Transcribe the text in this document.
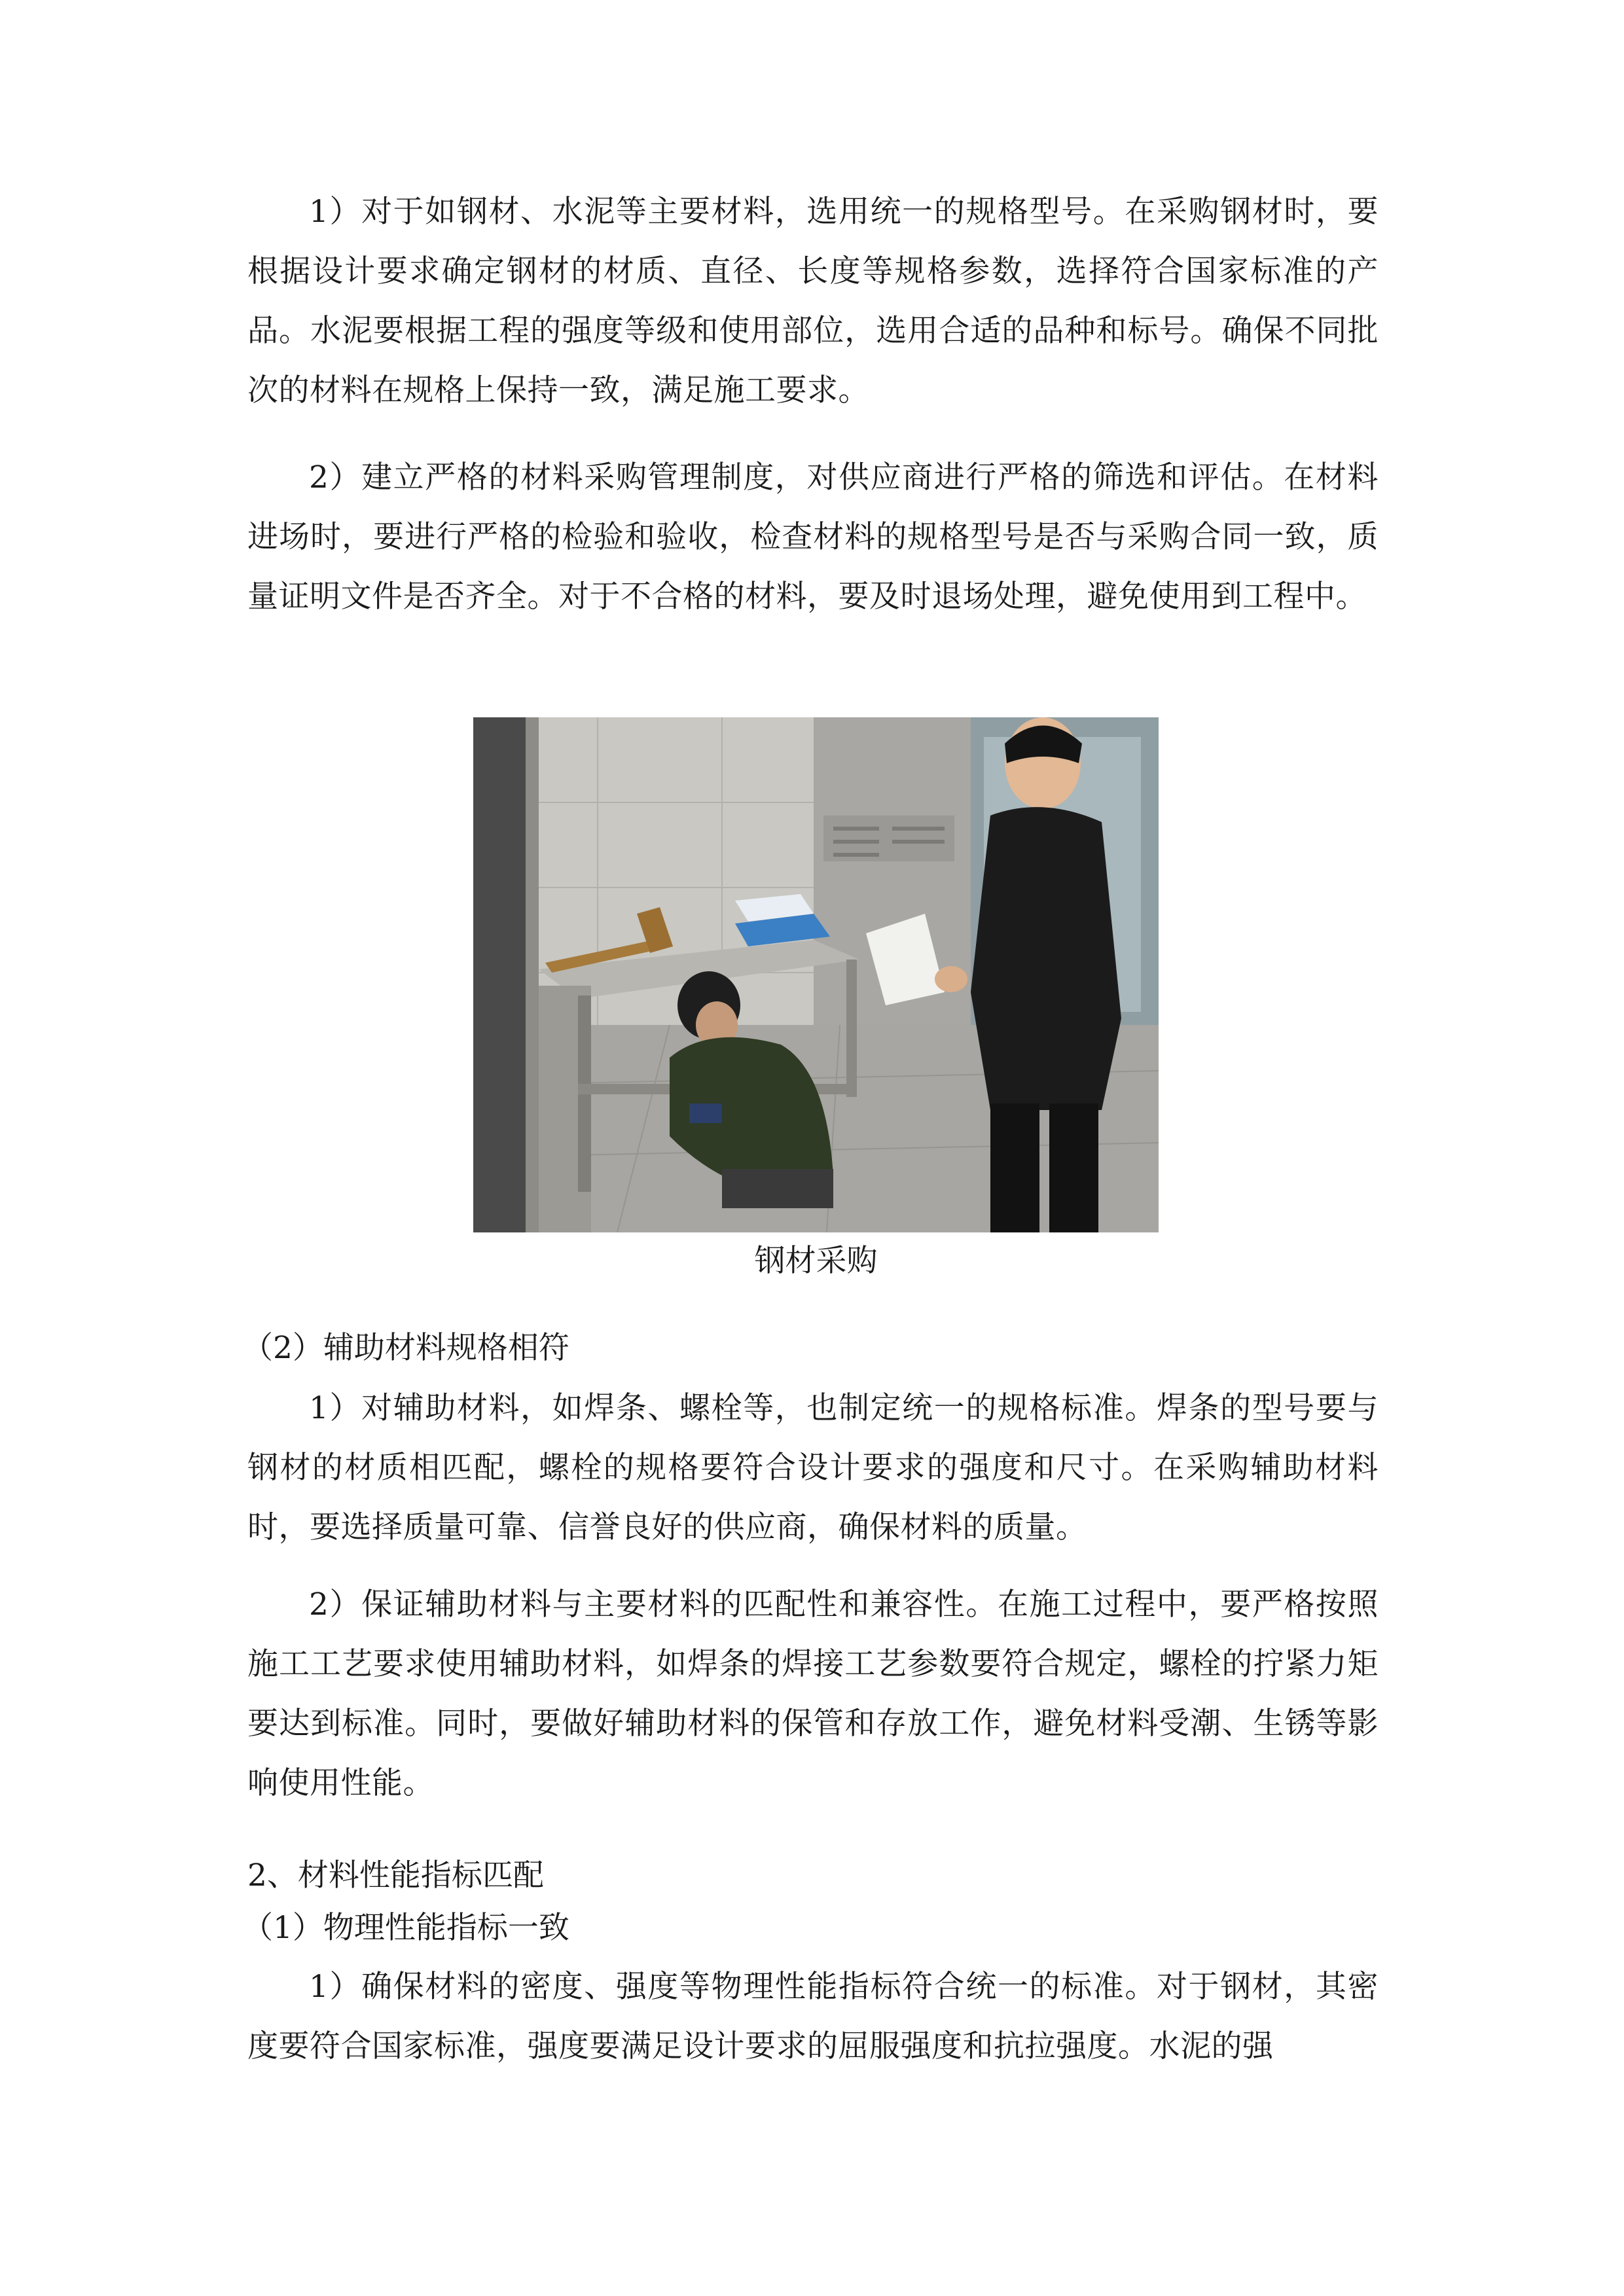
1）对于如钢材、水泥等主要材料，选用统一的规格型号。在采购钢材时，要根据设计要求确定钢材的材质、直径、长度等规格参数，选择符合国家标准的产品。水泥要根据工程的强度等级和使用部位，选用合适的品种和标号。确保不同批次的材料在规格上保持一致，满足施工要求。

2）建立严格的材料采购管理制度，对供应商进行严格的筛选和评估。在材料进场时，要进行严格的检验和验收，检查材料的规格型号是否与采购合同一致，质量证明文件是否齐全。对于不合格的材料，要及时退场处理，避免使用到工程中。

钢材采购

（2）辅助材料规格相符

1）对辅助材料，如焊条、螺栓等，也制定统一的规格标准。焊条的型号要与钢材的材质相匹配，螺栓的规格要符合设计要求的强度和尺寸。在采购辅助材料时，要选择质量可靠、信誉良好的供应商，确保材料的质量。

2）保证辅助材料与主要材料的匹配性和兼容性。在施工过程中，要严格按照施工工艺要求使用辅助材料，如焊条的焊接工艺参数要符合规定，螺栓的拧紧力矩要达到标准。同时，要做好辅助材料的保管和存放工作，避免材料受潮、生锈等影响使用性能。

2、材料性能指标匹配

（1）物理性能指标一致

1）确保材料的密度、强度等物理性能指标符合统一的标准。对于钢材，其密度要符合国家标准，强度要满足设计要求的屈服强度和抗拉强度。水泥的强
